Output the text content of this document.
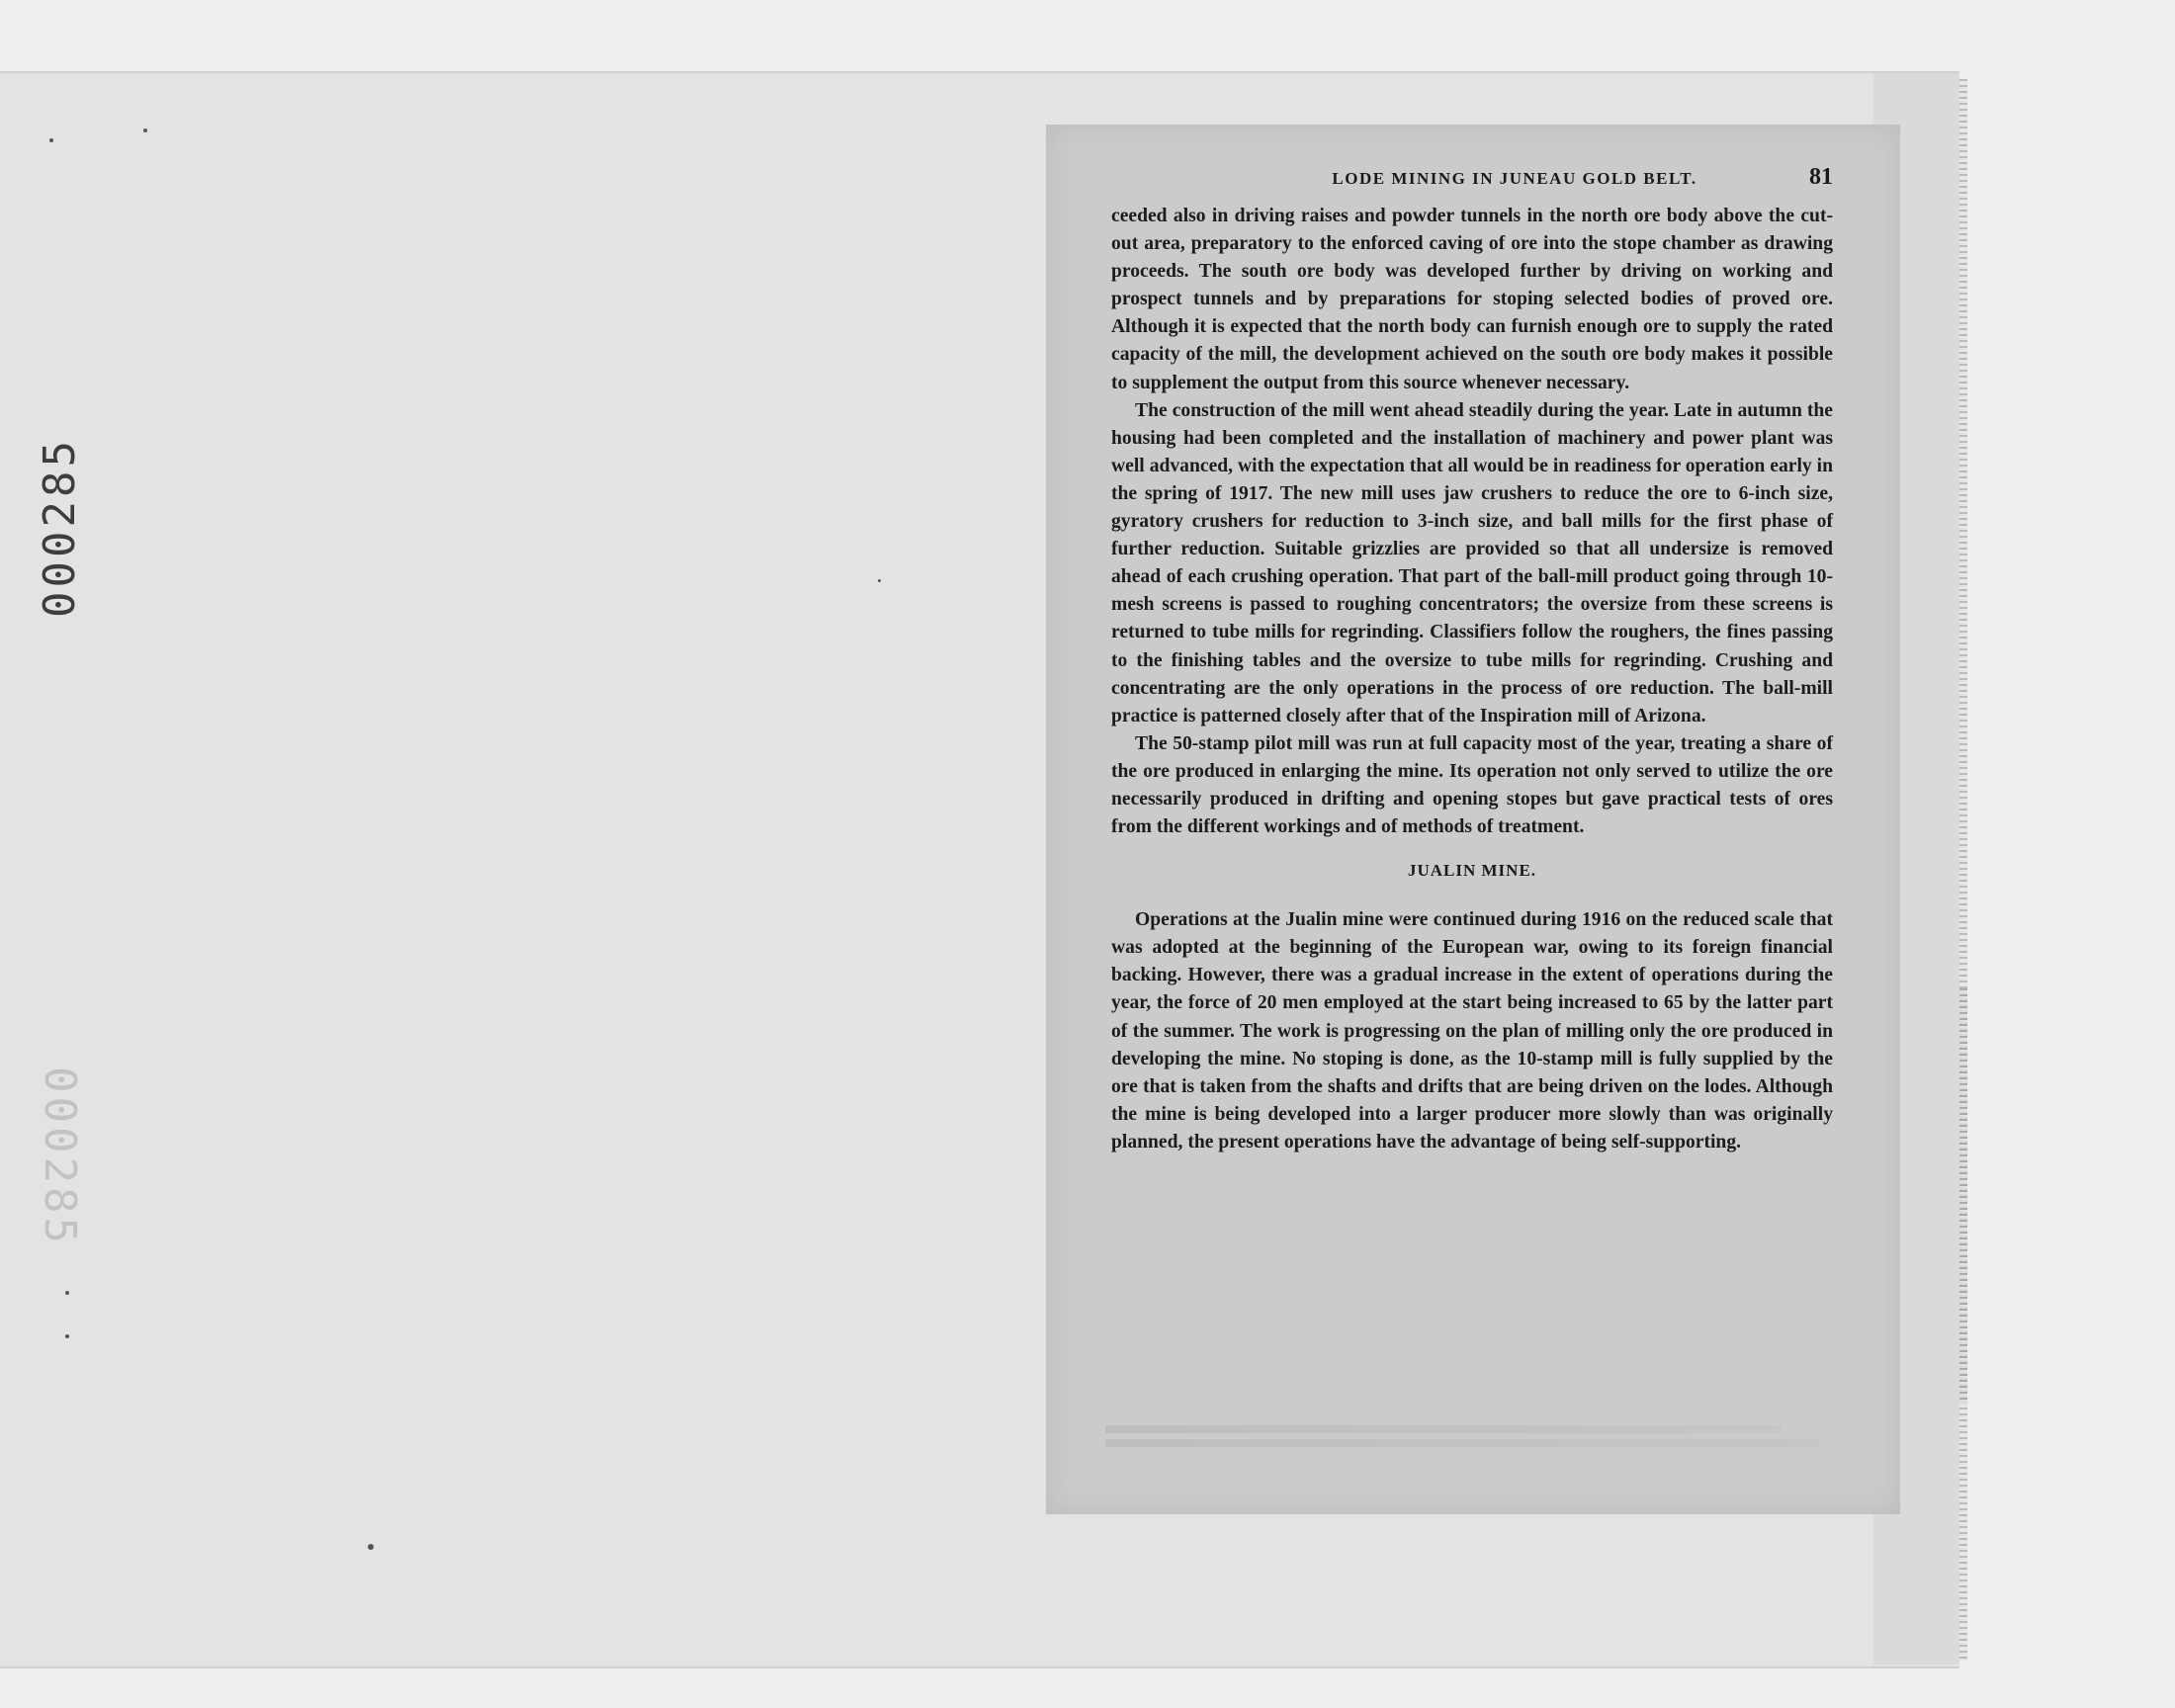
000285
000285
LODE MINING IN JUNEAU GOLD BELT.	81

ceeded also in driving raises and powder tunnels in the north ore body above the cut-out area, preparatory to the enforced caving of ore into the stope chamber as drawing proceeds. The south ore body was developed further by driving on working and prospect tunnels and by preparations for stoping selected bodies of proved ore. Although it is expected that the north body can furnish enough ore to supply the rated capacity of the mill, the development achieved on the south ore body makes it possible to supplement the output from this source whenever necessary.

The construction of the mill went ahead steadily during the year. Late in autumn the housing had been completed and the installation of machinery and power plant was well advanced, with the expectation that all would be in readiness for operation early in the spring of 1917. The new mill uses jaw crushers to reduce the ore to 6-inch size, gyratory crushers for reduction to 3-inch size, and ball mills for the first phase of further reduction. Suitable grizzlies are provided so that all undersize is removed ahead of each crushing operation. That part of the ball-mill product going through 10-mesh screens is passed to roughing concentrators; the oversize from these screens is returned to tube mills for regrinding. Classifiers follow the roughers, the fines passing to the finishing tables and the oversize to tube mills for regrinding. Crushing and concentrating are the only operations in the process of ore reduction. The ball-mill practice is patterned closely after that of the Inspiration mill of Arizona.

The 50-stamp pilot mill was run at full capacity most of the year, treating a share of the ore produced in enlarging the mine. Its operation not only served to utilize the ore necessarily produced in drifting and opening stopes but gave practical tests of ores from the different workings and of methods of treatment.

JUALIN MINE.

Operations at the Jualin mine were continued during 1916 on the reduced scale that was adopted at the beginning of the European war, owing to its foreign financial backing. However, there was a gradual increase in the extent of operations during the year, the force of 20 men employed at the start being increased to 65 by the latter part of the summer. The work is progressing on the plan of milling only the ore produced in developing the mine. No stoping is done, as the 10-stamp mill is fully supplied by the ore that is taken from the shafts and drifts that are being driven on the lodes. Although the mine is being developed into a larger producer more slowly than was originally planned, the present operations have the advantage of being self-supporting.
